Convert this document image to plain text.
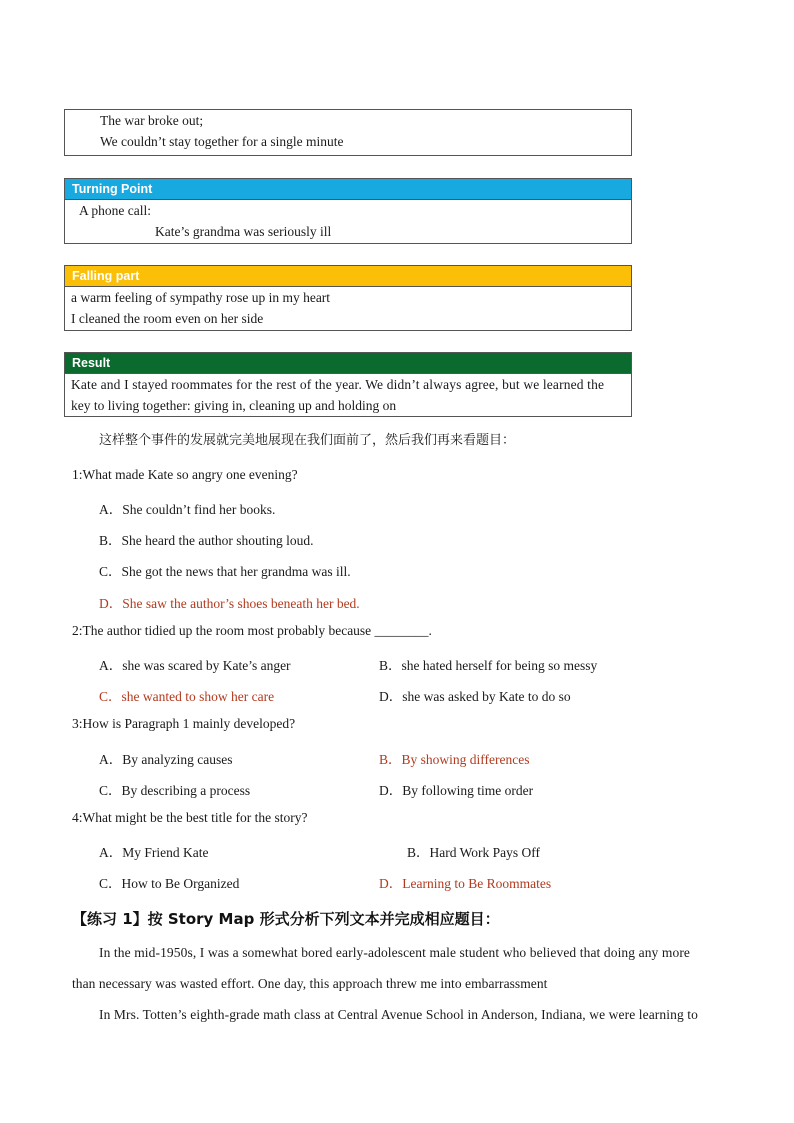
The war broke out;
We couldn’t stay together for a single minute
Turning Point
A phone call:
Kate’s grandma was seriously ill
Falling part
a warm feeling of sympathy rose up in my heart
I cleaned the room even on her side
Result
Kate and I stayed roommates for the rest of the year. We didn’t always agree, but we learned the
key to living together: giving in, cleaning up and holding on
这样整个事件的发展就完美地展现在我们面前了，然后我们再来看题目：
1:What made Kate so angry one evening?
A．She couldn’t find her books.
B．She heard the author shouting loud.
C．She got the news that her grandma was ill.
D．She saw the author’s shoes beneath her bed.
2:The author tidied up the room most probably because ________.
A．she was scared by Kate’s anger	B．she hated herself for being so messy
C．she wanted to show her care	D．she was asked by Kate to do so
3:How is Paragraph 1 mainly developed?
A．By analyzing causes	B．By showing differences
C．By describing a process	D．By following time order
4:What might be the best title for the story?
A．My Friend Kate	B．Hard Work Pays Off
C．How to Be Organized	D．Learning to Be Roommates
【练习 1】按 Story Map 形式分析下列文本并完成相应题目：
In the mid-1950s, I was a somewhat bored early-adolescent male student who believed that doing any more
than necessary was wasted effort. One day, this approach threw me into embarrassment
In Mrs. Totten’s eighth-grade math class at Central Avenue School in Anderson, Indiana, we were learning to
